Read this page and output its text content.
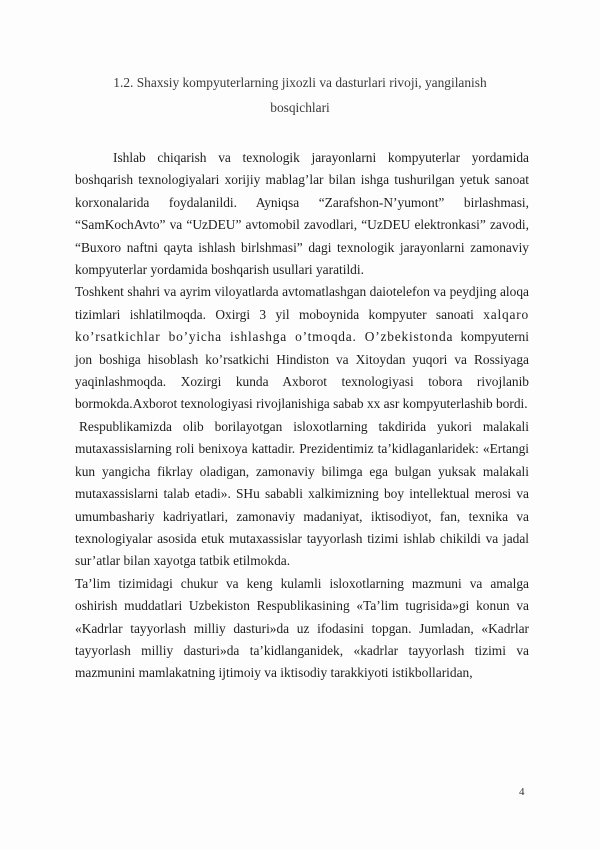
1.2. Shaxsiy kompyuterlarning jixozli va dasturlari rivoji, yangilanish
bosqichlari

Ishlab chiqarish va texnologik jarayonlarni kompyuterlar yordamida boshqarish texnologiyalari xorijiy mablag’lar bilan ishga tushurilgan yetuk sanoat korxonalarida foydalanildi. Ayniqsa “Zarafshon-N’yumont” birlashmasi, “SamKochAvto” va “UzDEU” avtomobil zavodlari, “UzDEU elektronkasi” zavodi, “Buxoro naftni qayta ishlash birlshmasi” dagi texnologik jarayonlarni zamonaviy kompyuterlar yordamida boshqarish usullari yaratildi.

Toshkent shahri va ayrim viloyatlarda avtomatlashgan daiotelefon va peydjing aloqa tizimlari ishlatilmoqda. Oxirgi 3 yil moboynida kompyuter sanoati xalqaro ko’rsatkichlar bo’yicha ishlashga o’tmoqda. O’zbekistonda kompyuterni jon boshiga hisoblash ko’rsatkichi Hindiston va Xitoydan yuqori va Rossiyaga yaqinlashmoqda. Xozirgi kunda Axborot texnologiyasi tobora rivojlanib bormokda.Axborot texnologiyasi rivojlanishiga sabab xx asr kompyuterlashib bordi.

Respublikamizda olib borilayotgan isloxotlarning takdirida yukori malakali mutaxassislarning roli benixoya kattadir. Prezidentimiz ta’kidlaganlaridek: «Ertangi kun yangicha fikrlay oladigan, zamonaviy bilimga ega bulgan yuksak malakali mutaxassislarni talab etadi». SHu sababli xalkimizning boy intellektual merosi va umumbashariy kadriyatlari, zamonaviy madaniyat, iktisodiyot, fan, texnika va texnologiyalar asosida etuk mutaxassislar tayyorlash tizimi ishlab chikildi va jadal sur’atlar bilan xayotga tatbik etilmokda.

Ta’lim tizimidagi chukur va keng kulamli isloxotlarning mazmuni va amalga oshirish muddatlari Uzbekiston Respublikasining «Ta’lim tugrisida»gi konun va «Kadrlar tayyorlash milliy dasturi»da uz ifodasini topgan. Jumladan, «Kadrlar tayyorlash milliy dasturi»da ta’kidlanganidek, «kadrlar tayyorlash tizimi va mazmunini mamlakatning ijtimoiy va iktisodiy tarakkiyoti istikbollaridan,

4
